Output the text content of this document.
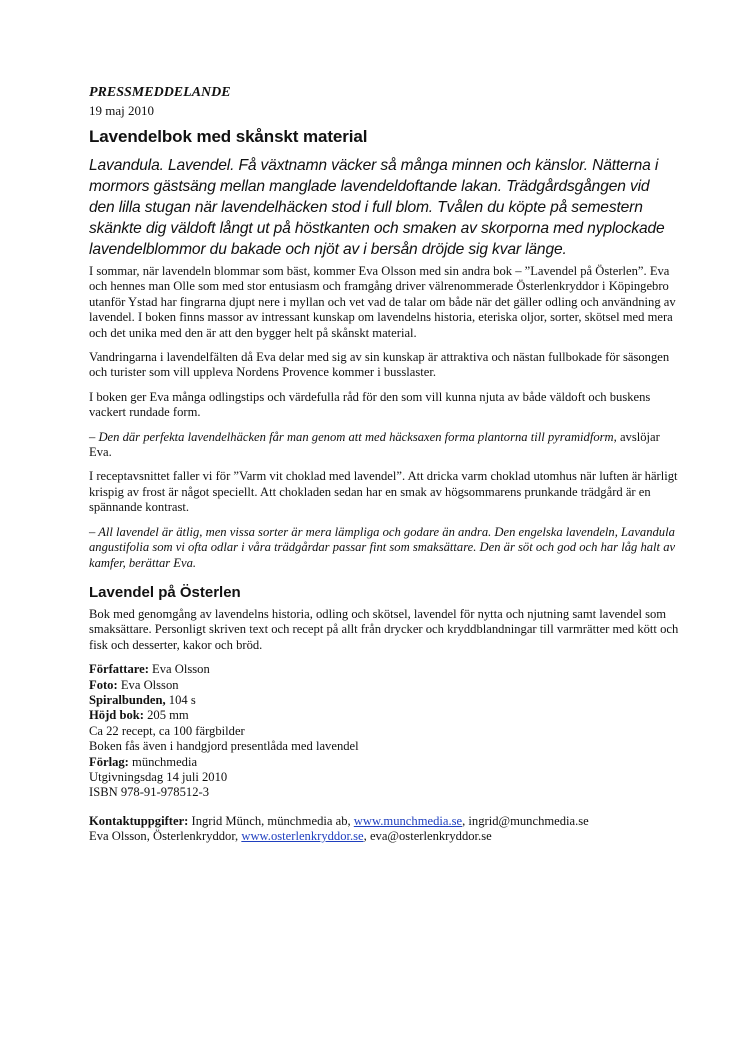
PRESSMEDDELANDE

19 maj 2010

Lavendelbok med skånskt material

Lavandula. Lavendel. Få växtnamn väcker så många minnen och känslor. Nätterna i mormors gästsäng mellan manglade lavendeldoftande lakan. Trädgårdsgången vid den lilla stugan när lavendelhäcken stod i full blom. Tvålen du köpte på semestern skänkte dig väldoft långt ut på höstkanten och smaken av skorporna med nyplockade lavendelblommor du bakade och njöt av i bersån dröjde sig kvar länge.

I sommar, när lavendeln blommar som bäst, kommer Eva Olsson med sin andra bok – ”Lavendel på Österlen”. Eva och hennes man Olle som med stor entusiasm och framgång driver välrenommerade Österlenkryddor i Köpingebro utanför Ystad har fingrarna djupt nere i myllan och vet vad de talar om både när det gäller odling och användning av lavendel. I boken finns massor av intressant kunskap om lavendelns historia, eteriska oljor, sorter, skötsel med mera och det unika med den är att den bygger helt på skånskt material.

Vandringarna i lavendelfälten då Eva delar med sig av sin kunskap är attraktiva och nästan fullbokade för säsongen och turister som vill uppleva Nordens Provence kommer i busslaster.

I boken ger Eva många odlingstips och värdefulla råd för den som vill kunna njuta av både väldoft och buskens vackert rundade form.

– Den där perfekta lavendelhäcken får man genom att med häcksaxen forma plantorna till pyramidform, avslöjar Eva.

I receptavsnittet faller vi för ”Varm vit choklad med lavendel”. Att dricka varm choklad utomhus när luften är härligt krispig av frost är något speciellt. Att chokladen sedan har en smak av högsommarens prunkande trädgård är en spännande kontrast.

– All lavendel är ätlig, men vissa sorter är mera lämpliga och godare än andra. Den engelska lavendeln, Lavandula angustifolia som vi ofta odlar i våra trädgårdar passar fint som smaksättare. Den är söt och god och har låg halt av kamfer, berättar Eva.

Lavendel på Österlen

Bok med genomgång av lavendelns historia, odling och skötsel, lavendel för nytta och njutning samt lavendel som smaksättare. Personligt skriven text och recept på allt från drycker och kryddblandningar till varmrätter med kött och fisk och desserter, kakor och bröd.

Författare: Eva Olsson
Foto: Eva Olsson
Spiralbunden, 104 s
Höjd bok: 205 mm
Ca 22 recept, ca 100 färgbilder
Boken fås även i handgjord presentlåda med lavendel
Förlag: münchmedia
Utgivningsdag 14 juli 2010
ISBN 978-91-978512-3
Kontaktuppgifter: Ingrid Münch, münchmedia ab, www.munchmedia.se, ingrid@munchmedia.se
Eva Olsson, Österlenkryddor, www.osterlenkryddor.se, eva@osterlenkryddor.se
